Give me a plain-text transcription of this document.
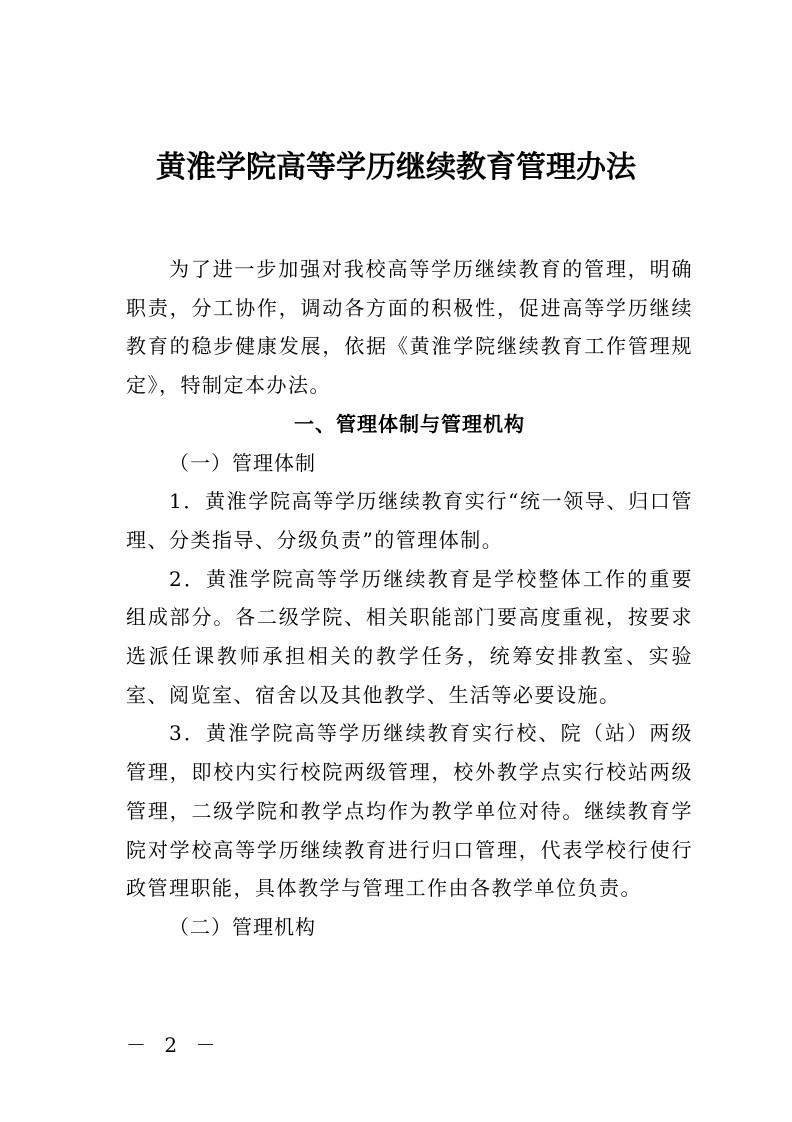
黄淮学院高等学历继续教育管理办法

为了进一步加强对我校高等学历继续教育的管理，明确职责，分工协作，调动各方面的积极性，促进高等学历继续教育的稳步健康发展，依据《黄淮学院继续教育工作管理规定》，特制定本办法。

一、管理体制与管理机构

（一）管理体制

1．黄淮学院高等学历继续教育实行“统一领导、归口管理、分类指导、分级负责”的管理体制。

2．黄淮学院高等学历继续教育是学校整体工作的重要组成部分。各二级学院、相关职能部门要高度重视，按要求选派任课教师承担相关的教学任务，统筹安排教室、实验室、阅览室、宿舍以及其他教学、生活等必要设施。

3．黄淮学院高等学历继续教育实行校、院（站）两级管理，即校内实行校院两级管理，校外教学点实行校站两级管理，二级学院和教学点均作为教学单位对待。继续教育学院对学校高等学历继续教育进行归口管理，代表学校行使行政管理职能，具体教学与管理工作由各教学单位负责。

（二）管理机构

－ 2 －
